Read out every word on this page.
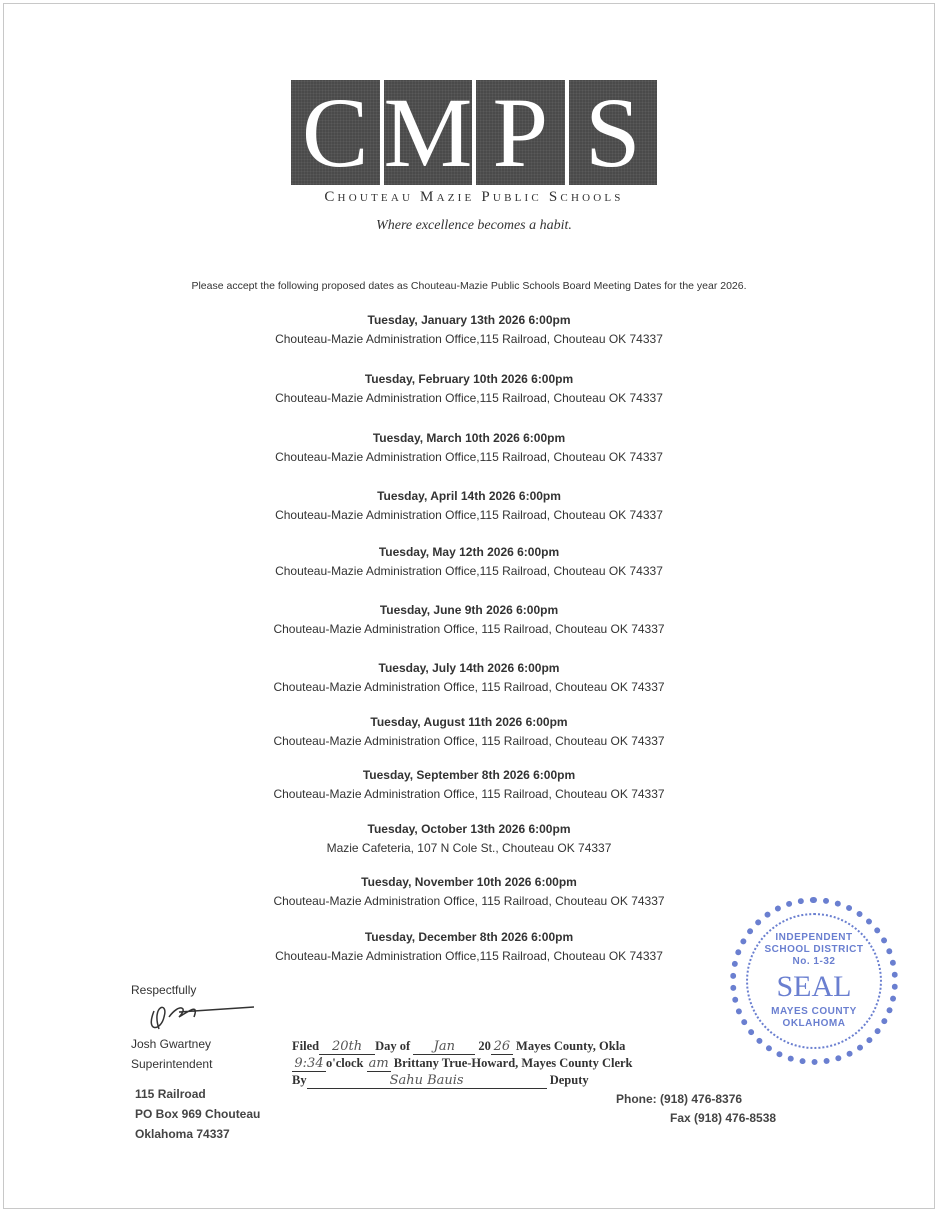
C M P S
Chouteau Mazie Public Schools
Where excellence becomes a habit.
Please accept the following proposed dates as Chouteau-Mazie Public Schools Board Meeting Dates for the year 2026.
Tuesday, January 13th 2026 6:00pm
Chouteau-Mazie Administration Office,115 Railroad, Chouteau OK 74337
Tuesday, February 10th 2026 6:00pm
Chouteau-Mazie Administration Office,115 Railroad, Chouteau OK 74337
Tuesday, March 10th 2026 6:00pm
Chouteau-Mazie Administration Office,115 Railroad, Chouteau OK 74337
Tuesday, April 14th 2026 6:00pm
Chouteau-Mazie Administration Office,115 Railroad, Chouteau OK 74337
Tuesday, May 12th 2026 6:00pm
Chouteau-Mazie Administration Office,115 Railroad, Chouteau OK 74337
Tuesday, June 9th 2026 6:00pm
Chouteau-Mazie Administration Office, 115 Railroad, Chouteau OK 74337
Tuesday, July 14th 2026 6:00pm
Chouteau-Mazie Administration Office, 115 Railroad, Chouteau OK 74337
Tuesday, August 11th 2026 6:00pm
Chouteau-Mazie Administration Office, 115 Railroad, Chouteau OK 74337
Tuesday, September 8th 2026 6:00pm
Chouteau-Mazie Administration Office, 115 Railroad, Chouteau OK 74337
Tuesday, October 13th 2026 6:00pm
Mazie Cafeteria, 107 N Cole St., Chouteau OK 74337
Tuesday, November 10th 2026 6:00pm
Chouteau-Mazie Administration Office, 115 Railroad, Chouteau OK 74337
Tuesday, December 8th 2026 6:00pm
Chouteau-Mazie Administration Office,115 Railroad, Chouteau OK 74337
Respectfully
Josh Gwartney
Superintendent
115 Railroad
PO Box 969 Chouteau
Oklahoma 74337
Filed 20th Day of Jan 20 26 Mayes County, Okla
9:34 o'clock am Brittany True-Howard, Mayes County Clerk
By	Sahu Bauis	Deputy
Phone: (918) 476-8376
Fax (918) 476-8538
INDEPENDENT SCHOOL DISTRICT No. 1-32
SEAL
MAYES COUNTY OKLAHOMA
